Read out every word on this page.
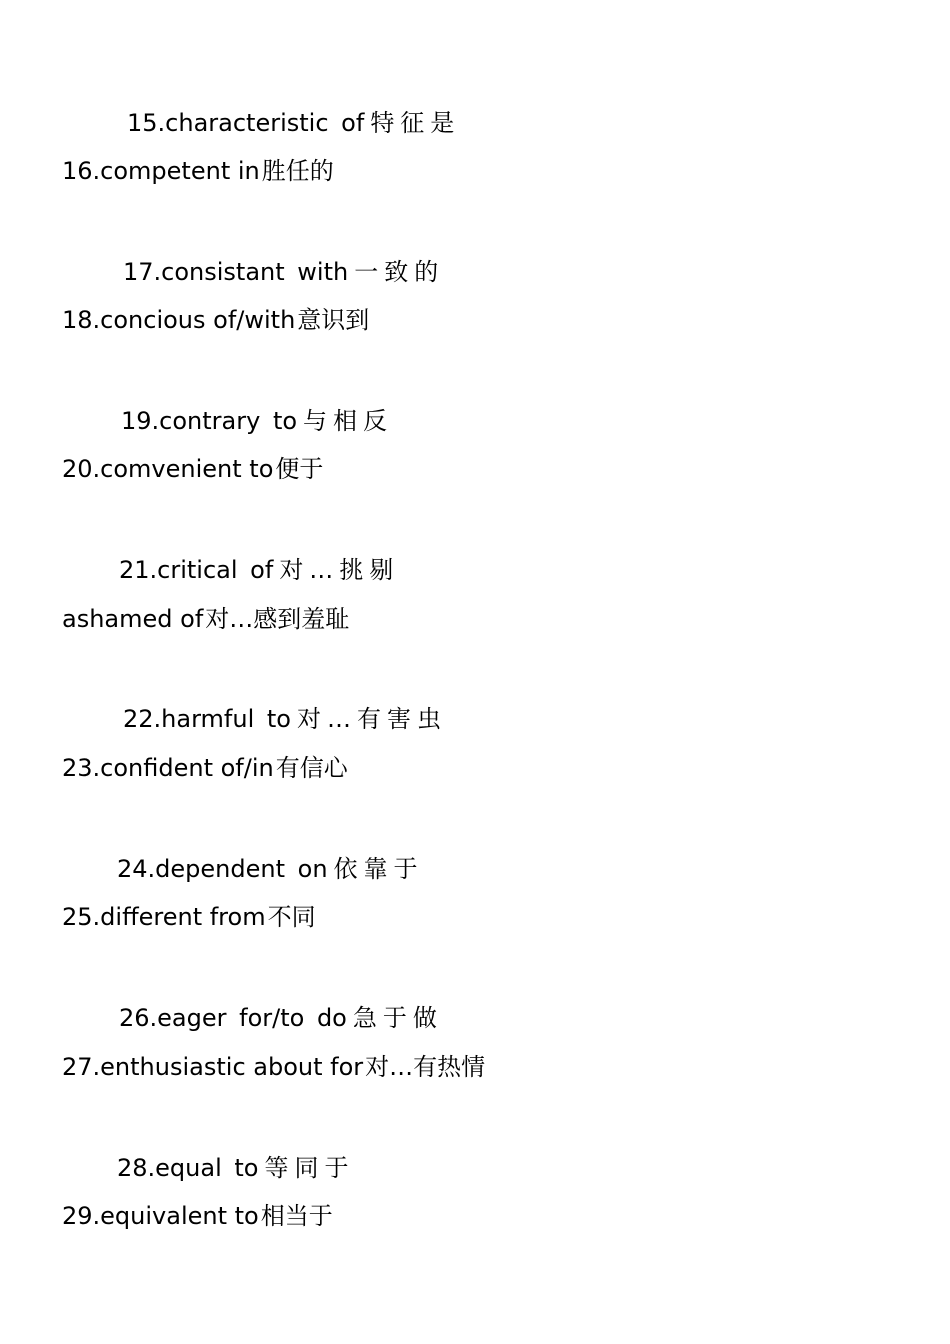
15.characteristic of 特征是
16.competent in胜任的
17.consistant with 一致的
18.concious of/with意识到
19.contrary to 与相反
20.comvenient to便于
21.critical of 对…挑剔
ashamed of对…感到羞耻
22.harmful to 对…有害虫
23.confident of/in有信心
24.dependent on 依靠于
25.different from不同
26.eager for/to do 急于做
27.enthusiastic about for对…有热情
28.equal to 等同于
29.equivalent to相当于
